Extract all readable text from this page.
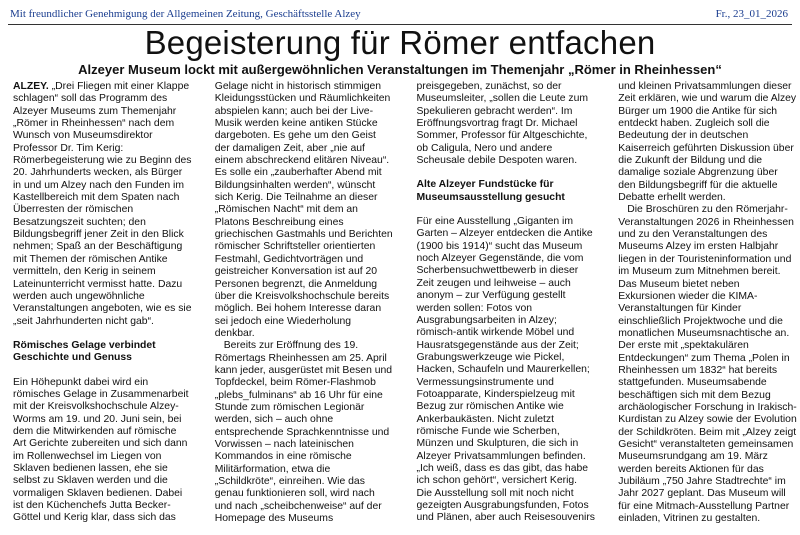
Mit freundlicher Genehmigung der Allgemeinen Zeitung, Geschäftsstelle Alzey	Fr., 23_01_2026
Begeisterung für Römer entfachen
Alzeyer Museum lockt mit außergewöhnlichen Veranstaltungen im Themenjahr „Römer in Rheinhessen“

ALZEY. „Drei Fliegen mit einer Klappe schlagen“ soll das Programm des Alzeyer Museums zum Themenjahr „Römer in Rheinhessen“ nach dem Wunsch von Museumsdirektor Professor Dr. Tim Kerig: Römerbegeisterung wie zu Beginn des 20. Jahrhunderts wecken, als Bürger in und um Alzey nach den Funden im Kastellbereich mit dem Spaten nach Überresten der römischen Besatzungszeit suchten; den Bildungsbegriff jener Zeit in den Blick nehmen; Spaß an der Beschäftigung mit Themen der römischen Antike vermitteln, den Kerig in seinem Lateinunterricht vermisst hatte. Dazu werden auch ungewöhnliche Veranstaltungen angeboten, wie es sie „seit Jahrhunderten nicht gab“.

Römisches Gelage verbindet Geschichte und Genuss

Ein Höhepunkt dabei wird ein römisches Gelage in Zusammenarbeit mit der Kreisvolkshochschule Alzey-Worms am 19. und 20. Juni sein, bei dem die Mitwirkenden auf römische Art Gerichte zubereiten und sich dann im Rollenwechsel im Liegen von Sklaven bedienen lassen, ehe sie selbst zu Sklaven werden und die vormaligen Sklaven bedienen. Dabei ist den Küchenchefs Jutta Becker-Göttel und Kerig klar, dass sich das Gelage nicht in historisch stimmigen Kleidungsstücken und Räumlichkeiten abspielen kann; auch bei der Live-Musik werden keine antiken Stücke dargeboten. Es gehe um den Geist der damaligen Zeit, aber „nie auf einem abschreckend elitären Niveau“. Es solle ein „zauberhafter Abend mit Bildungsinhalten werden“, wünscht sich Kerig. Die Teilnahme an dieser „Römischen Nacht“ mit dem an Platons Beschreibung eines griechischen Gastmahls und Berichten römischer Schriftsteller orientierten Festmahl, Gedichtvorträgen und geistreicher Konversation ist auf 20 Personen begrenzt, die Anmeldung über die Kreisvolkshochschule bereits möglich. Bei hohem Interesse daran sei jedoch eine Wiederholung denkbar.

Bereits zur Eröffnung des 19. Römertags Rheinhessen am 25. April kann jeder, ausgerüstet mit Besen und Topfdeckel, beim Römer-Flashmob „plebs_fulminans“ ab 16 Uhr für eine Stunde zum römischen Legionär werden, sich – auch ohne entsprechende Sprachkenntnisse und Vorwissen – nach lateinischen Kommandos in eine römische Militärformation, etwa die „Schildkröte“, einreihen. Wie das genau funktionieren soll, wird nach und nach „scheibchenweise“ auf der Homepage des Museums preisgegeben, zunächst, so der Museumsleiter, „sollen die Leute zum Spekulieren gebracht werden“. Im Eröffnungsvortrag fragt Dr. Michael Sommer, Professor für Altgeschichte, ob Caligula, Nero und andere Scheusale debile Despoten waren.

Alte Alzeyer Fundstücke für Museumsausstellung gesucht

Für eine Ausstellung „Giganten im Garten – Alzeyer entdecken die Antike (1900 bis 1914)“ sucht das Museum noch Alzeyer Gegenstände, die vom Scherbensuchwettbewerb in dieser Zeit zeugen und leihweise – auch anonym – zur Verfügung gestellt werden sollen: Fotos von Ausgrabungsarbeiten in Alzey; römisch-antik wirkende Möbel und Hausratsgegenstände aus der Zeit; Grabungswerkzeuge wie Pickel, Hacken, Schaufeln und Maurerkellen; Vermessungsinstrumente und Fotoapparate, Kinderspielzeug mit Bezug zur römischen Antike wie Ankerbaukästen. Nicht zuletzt römische Funde wie Scherben, Münzen und Skulpturen, die sich in Alzeyer Privatsammlungen befinden. „Ich weiß, dass es das gibt, das habe ich schon gehört“, versichert Kerig. Die Ausstellung soll mit noch nicht gezeigten Ausgrabungsfunden, Fotos und Plänen, aber auch Reisesouvenirs und kleinen Privatsammlungen dieser Zeit erklären, wie und warum die Alzey Bürger um 1900 die Antike für sich entdeckt haben. Zugleich soll die Bedeutung der in deutschen Kaiserreich geführten Diskussion über die Zukunft der Bildung und die damalige soziale Abgrenzung über den Bildungsbegriff für die aktuelle Debatte erhellt werden.

Die Broschüren zu den Römerjahr-Veranstaltungen 2026 in Rheinhessen und zu den Veranstaltungen des Museums Alzey im ersten Halbjahr liegen in der Touristeninformation und im Museum zum Mitnehmen bereit. Das Museum bietet neben Exkursionen wieder die KIMA-Veranstaltungen für Kinder einschließlich Projektwoche und die monatlichen Museumsnachtische an. Der erste mit „spektakulären Entdeckungen“ zum Thema „Polen in Rheinhessen um 1832“ hat bereits stattgefunden. Museumsabende beschäftigen sich mit dem Bezug archäologischer Forschung in Irakisch-Kurdistan zu Alzey sowie der Evolution der Schildkröten. Beim mit „Alzey zeigt Gesicht“ veranstalteten gemeinsamen Museumsrundgang am 19. März werden bereits Aktionen für das Jubiläum „750 Jahre Stadtrechte“ im Jahr 2027 geplant. Das Museum will für eine Mitmach-Ausstellung Partner einladen, Vitrinen zu gestalten.
